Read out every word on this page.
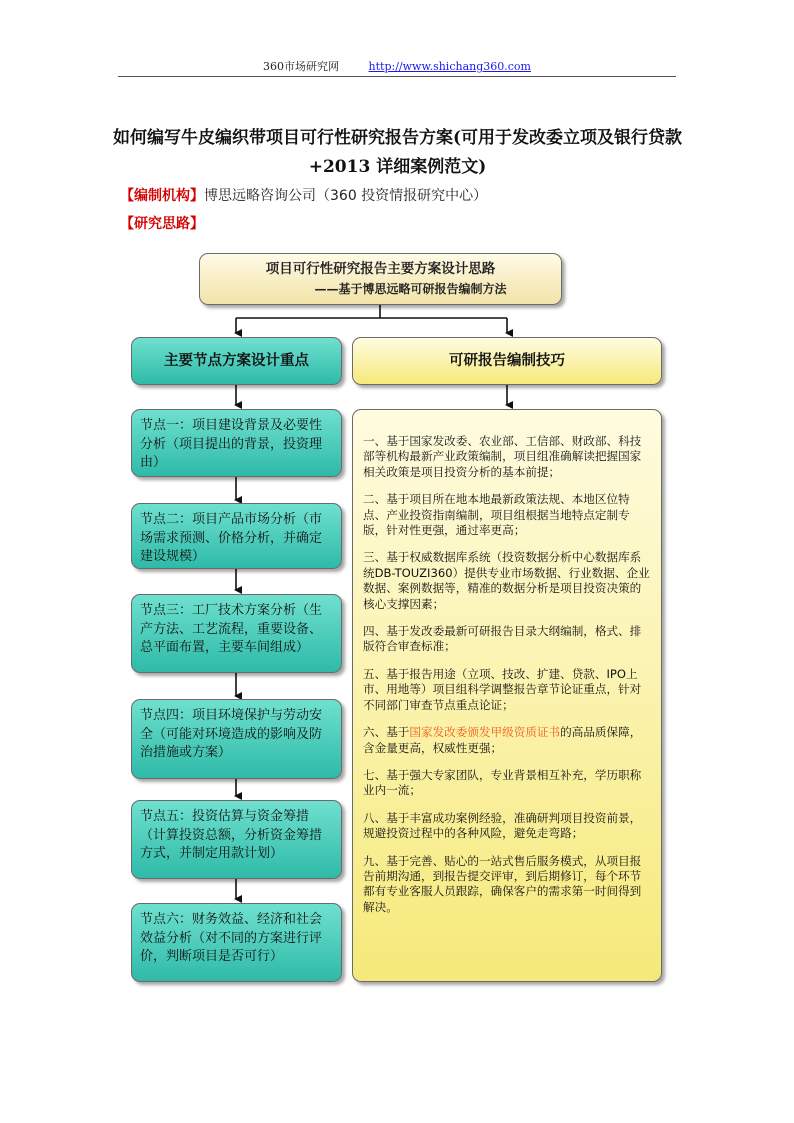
360市场研究网	http://www.shichang360.com
如何编写牛皮编织带项目可行性研究报告方案(可用于发改委立项及银行贷款+2013 详细案例范文)
【编制机构】博思远略咨询公司（360 投资情报研究中心）
【研究思路】
项目可行性研究报告主要方案设计思路
——基于博思远略可研报告编制方法
主要节点方案设计重点	可研报告编制技巧
节点一：项目建设背景及必要性分析（项目提出的背景，投资理由）
节点二：项目产品市场分析（市场需求预测、价格分析，并确定建设规模）
节点三：工厂技术方案分析（生产方法、工艺流程，重要设备、总平面布置，主要车间组成）
节点四：项目环境保护与劳动安全（可能对环境造成的影响及防治措施或方案）
节点五：投资估算与资金筹措（计算投资总额，分析资金筹措方式，并制定用款计划）
节点六：财务效益、经济和社会效益分析（对不同的方案进行评价，判断项目是否可行）

一、基于国家发改委、农业部、工信部、财政部、科技部等机构最新产业政策编制，项目组准确解读把握国家相关政策是项目投资分析的基本前提；

二、基于项目所在地本地最新政策法规、本地区位特点、产业投资指南编制，项目组根据当地特点定制专版，针对性更强，通过率更高；

三、基于权威数据库系统（投资数据分析中心数据库系统DB-TOUZI360）提供专业市场数据、行业数据、企业数据、案例数据等，精准的数据分析是项目投资决策的核心支撑因素；

四、基于发改委最新可研报告目录大纲编制，格式、排版符合审查标准；

五、基于报告用途（立项、技改、扩建、贷款、IPO上市、用地等）项目组科学调整报告章节论证重点，针对不同部门审查节点重点论证；

六、基于国家发改委颁发甲级资质证书的高品质保障，含金量更高，权威性更强；

七、基于强大专家团队，专业背景相互补充，学历职称业内一流；

八、基于丰富成功案例经验，准确研判项目投资前景，规避投资过程中的各种风险，避免走弯路；

九、基于完善、贴心的一站式售后服务模式，从项目报告前期沟通，到报告提交评审，到后期修订，每个环节都有专业客服人员跟踪，确保客户的需求第一时间得到解决。
